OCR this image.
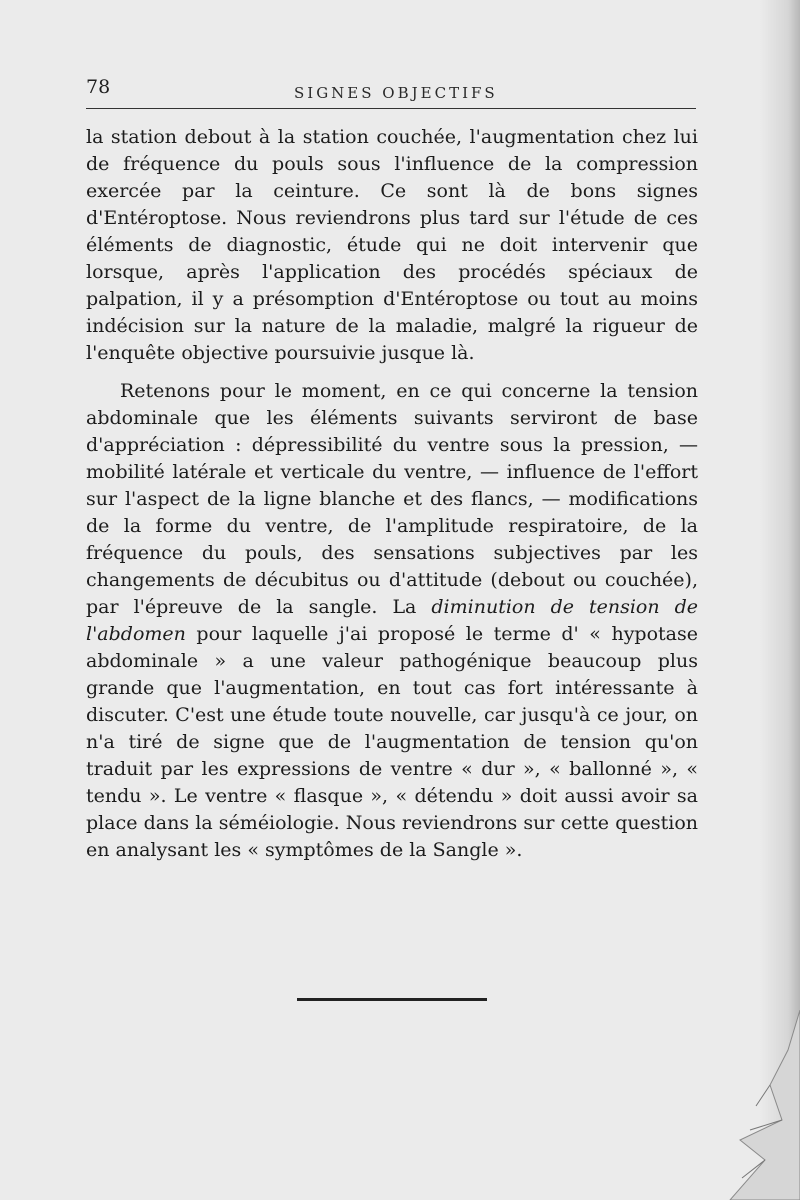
78	SIGNES OBJECTIFS

la station debout à la station couchée, l'augmentation chez lui de fréquence du pouls sous l'influence de la compression exercée par la ceinture. Ce sont là de bons signes d'Entéroptose. Nous reviendrons plus tard sur l'étude de ces éléments de diagnostic, étude qui ne doit intervenir que lorsque, après l'application des procédés spéciaux de palpation, il y a présomption d'Entéroptose ou tout au moins indécision sur la nature de la maladie, malgré la rigueur de l'enquête objective poursuivie jusque là.

Retenons pour le moment, en ce qui concerne la tension abdominale que les éléments suivants serviront de base d'appréciation : dépressibilité du ventre sous la pression, — mobilité latérale et verticale du ventre, — influence de l'effort sur l'aspect de la ligne blanche et des flancs, — modifications de la forme du ventre, de l'amplitude respiratoire, de la fréquence du pouls, des sensations subjectives par les changements de décubitus ou d'attitude (debout ou couchée), par l'épreuve de la sangle. La diminution de tension de l'abdomen pour laquelle j'ai proposé le terme d' « hypotase abdominale » a une valeur pathogénique beaucoup plus grande que l'augmentation, en tout cas fort intéressante à discuter. C'est une étude toute nouvelle, car jusqu'à ce jour, on n'a tiré de signe que de l'augmentation de tension qu'on traduit par les expressions de ventre « dur », « ballonné », « tendu ». Le ventre « flasque », « détendu » doit aussi avoir sa place dans la séméiologie. Nous reviendrons sur cette question en analysant les « symptômes de la Sangle ».
